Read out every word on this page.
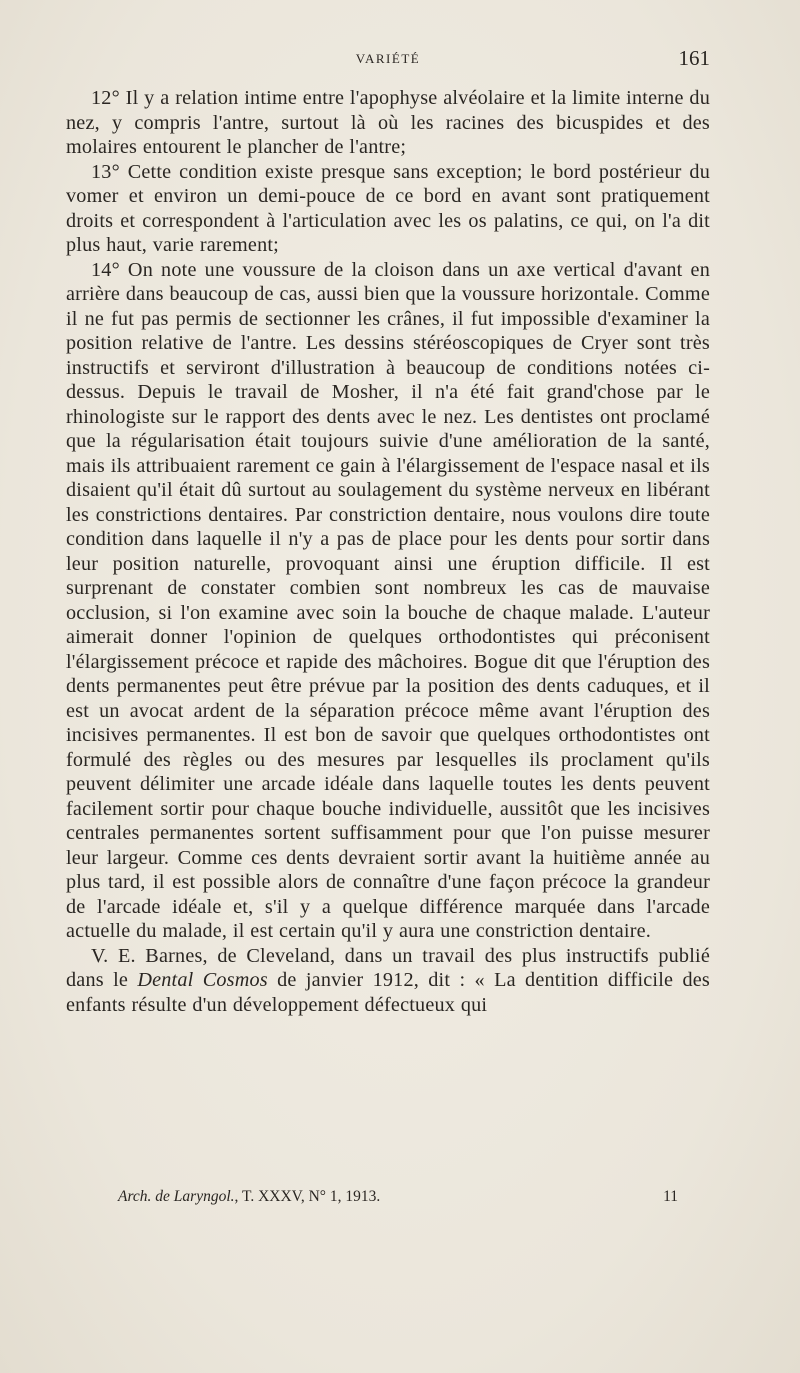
VARIÉTÉ	161

12° Il y a relation intime entre l'apophyse alvéolaire et la limite interne du nez, y compris l'antre, surtout là où les racines des bicuspides et des molaires entourent le plancher de l'antre;

13° Cette condition existe presque sans exception; le bord postérieur du vomer et environ un demi-pouce de ce bord en avant sont pratiquement droits et correspondent à l'articulation avec les os palatins, ce qui, on l'a dit plus haut, varie rarement;

14° On note une voussure de la cloison dans un axe vertical d'avant en arrière dans beaucoup de cas, aussi bien que la voussure horizontale. Comme il ne fut pas permis de sectionner les crânes, il fut impossible d'examiner la position relative de l'antre. Les dessins stéréoscopiques de Cryer sont très instructifs et serviront d'illustration à beaucoup de conditions notées ci-dessus. Depuis le travail de Mosher, il n'a été fait grand'chose par le rhinologiste sur le rapport des dents avec le nez. Les dentistes ont proclamé que la régularisation était toujours suivie d'une amélioration de la santé, mais ils attribuaient rarement ce gain à l'élargissement de l'espace nasal et ils disaient qu'il était dû surtout au soulagement du système nerveux en libérant les constrictions dentaires. Par constriction dentaire, nous voulons dire toute condition dans laquelle il n'y a pas de place pour les dents pour sortir dans leur position naturelle, provoquant ainsi une éruption difficile. Il est surprenant de constater combien sont nombreux les cas de mauvaise occlusion, si l'on examine avec soin la bouche de chaque malade. L'auteur aimerait donner l'opinion de quelques orthodontistes qui préconisent l'élargissement précoce et rapide des mâchoires. Bogue dit que l'éruption des dents permanentes peut être prévue par la position des dents caduques, et il est un avocat ardent de la séparation précoce même avant l'éruption des incisives permanentes. Il est bon de savoir que quelques orthodontistes ont formulé des règles ou des mesures par lesquelles ils proclament qu'ils peuvent délimiter une arcade idéale dans laquelle toutes les dents peuvent facilement sortir pour chaque bouche individuelle, aussitôt que les incisives centrales permanentes sortent suffisamment pour que l'on puisse mesurer leur largeur. Comme ces dents devraient sortir avant la huitième année au plus tard, il est possible alors de connaître d'une façon précoce la grandeur de l'arcade idéale et, s'il y a quelque différence marquée dans l'arcade actuelle du malade, il est certain qu'il y aura une constriction dentaire.

V. E. Barnes, de Cleveland, dans un travail des plus instructifs publié dans le Dental Cosmos de janvier 1912, dit : « La dentition difficile des enfants résulte d'un développement défectueux qui

Arch. de Laryngol., T. XXXV, N° 1, 1913.	11
